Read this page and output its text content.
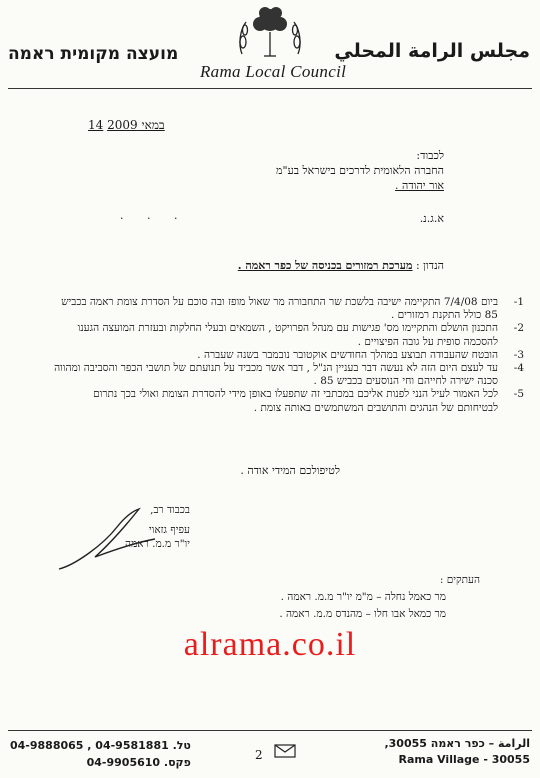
מועצה מקומית ראמה	مجلس الرامة المحلي
Rama Local Council
14 במאי 2009
לכבוד:
החברה הלאומית לדרכים בישראל בע"מ
אור יהודה .
א.ג.נ.
· · ·
הנדון : מערכת רמזורים בכניסה של כפר ראמה .
1-
ביום 7/4/08 התקיימה ישיבה בלשכת שר התחבורה מר שאול מופז ובה סוכם על הסדרת צומת ראמה בכביש 85 כולל התקנת רמזורים .
2-
התכנון הושלם והתקיימו מס' פגישות עם מנהל הפרויקט , השמאים ובעלי החלקות ובעזרת המועצה הגענו להסכמה סופית על גובה הפיצויים .
3-
הובטח שהעבודה תבוצע במהלך החודשים אוקטובר נובמבר בשנה שעברה .
4-
עד לעצם היום הזה לא נעשה דבר בעניין הנ"ל , דבר אשר מכביד על תנועתם של תושבי הכפר והסביבה ומהווה סכנה ישירה לחייהם וחי הנוסעים בכביש 85 .
5-
לכל האמור לעיל הנני לפנות אליכם במכתבי זה שתפעלו באופן מידי להסדרת הצומת ואולי בכך נתרום לבטיחותם של הנהגים והתושבים המשתמשים באותה צומת .
לטיפולכם המידי אודה .
בכבוד רב,
עפיף גזאוי
יו"ר מ.מ. ראמה
העתקים :
מר כאמל נחלה – מ"מ יו"ר מ.מ. ראמה .
מר כמאל אבו חלו – מהנדס מ.מ. ראמה .
alrama.co.il
טל. 04-9581881 , 04-9888065
פקס. 04-9905610
2
الرامة – כפר ראמה 30055,
Rama Village - 30055
